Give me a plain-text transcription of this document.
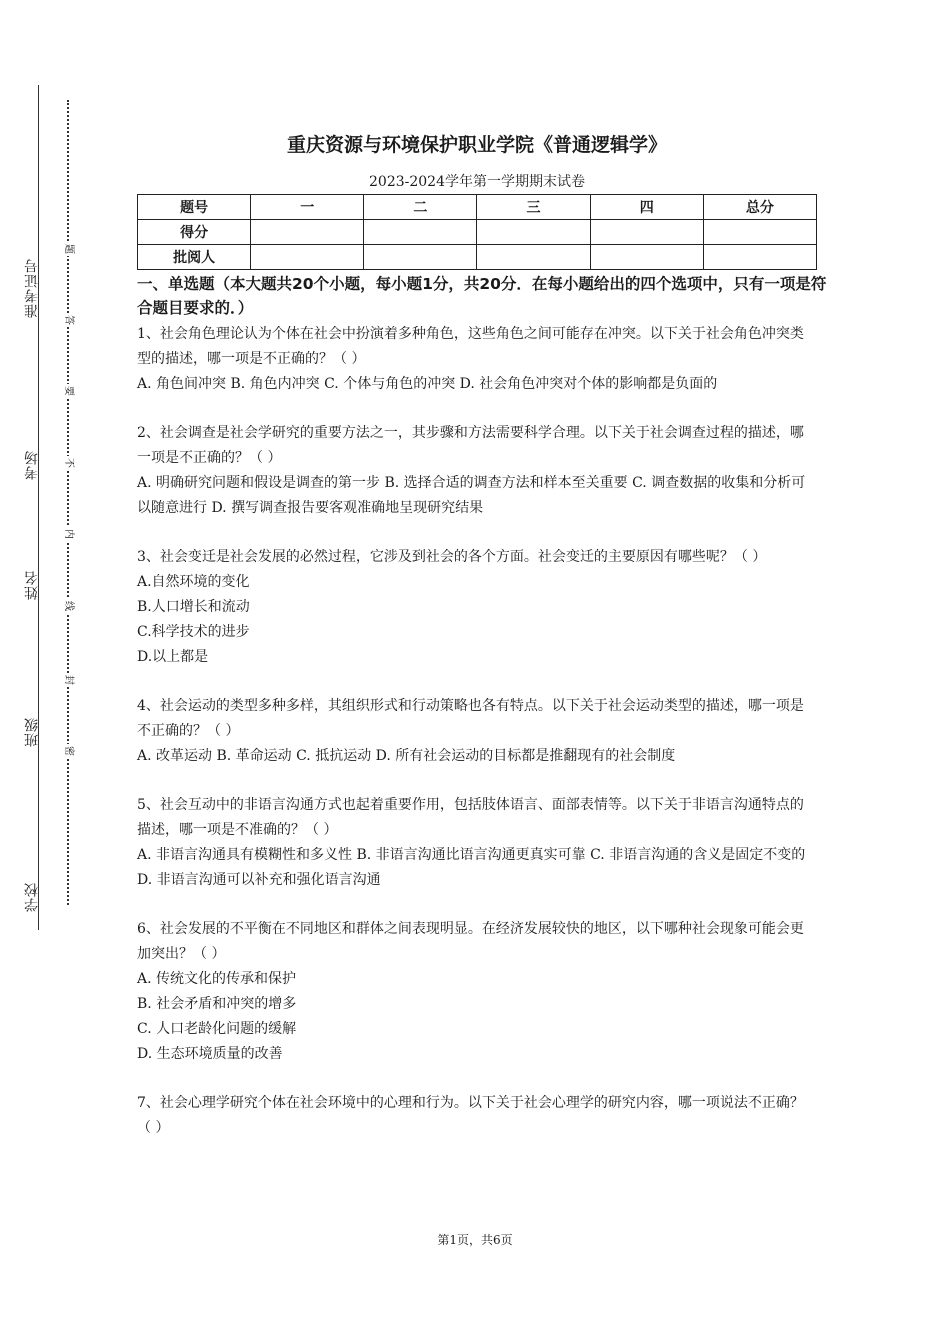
学校
班级
姓名
考场
准考证号
题
答
要
不
内
线
封
密
重庆资源与环境保护职业学院《普通逻辑学》
2023-2024学年第一学期期末试卷
题号	一	二	三	四	总分
得分					
批阅人					
一、单选题（本大题共20个小题，每小题1分，共20分．在每小题给出的四个选项中，只有一项是符合题目要求的．）
1、社会角色理论认为个体在社会中扮演着多种角色，这些角色之间可能存在冲突。以下关于社会角色冲突类型的描述，哪一项是不正确的？（ ）
A. 角色间冲突 B. 角色内冲突 C. 个体与角色的冲突 D. 社会角色冲突对个体的影响都是负面的
2、社会调查是社会学研究的重要方法之一，其步骤和方法需要科学合理。以下关于社会调查过程的描述，哪一项是不正确的？（ ）
A. 明确研究问题和假设是调查的第一步 B. 选择合适的调查方法和样本至关重要 C. 调查数据的收集和分析可以随意进行 D. 撰写调查报告要客观准确地呈现研究结果
3、社会变迁是社会发展的必然过程，它涉及到社会的各个方面。社会变迁的主要原因有哪些呢？（ ）
A.自然环境的变化
B.人口增长和流动
C.科学技术的进步
D.以上都是
4、社会运动的类型多种多样，其组织形式和行动策略也各有特点。以下关于社会运动类型的描述，哪一项是不正确的？（ ）
A. 改革运动 B. 革命运动 C. 抵抗运动 D. 所有社会运动的目标都是推翻现有的社会制度
5、社会互动中的非语言沟通方式也起着重要作用，包括肢体语言、面部表情等。以下关于非语言沟通特点的描述，哪一项是不准确的？（ ）
A. 非语言沟通具有模糊性和多义性 B. 非语言沟通比语言沟通更真实可靠 C. 非语言沟通的含义是固定不变的 D. 非语言沟通可以补充和强化语言沟通
6、社会发展的不平衡在不同地区和群体之间表现明显。在经济发展较快的地区，以下哪种社会现象可能会更加突出？（ ）
A. 传统文化的传承和保护
B. 社会矛盾和冲突的增多
C. 人口老龄化问题的缓解
D. 生态环境质量的改善
7、社会心理学研究个体在社会环境中的心理和行为。以下关于社会心理学的研究内容，哪一项说法不正确？（ ）
第1页，共6页
